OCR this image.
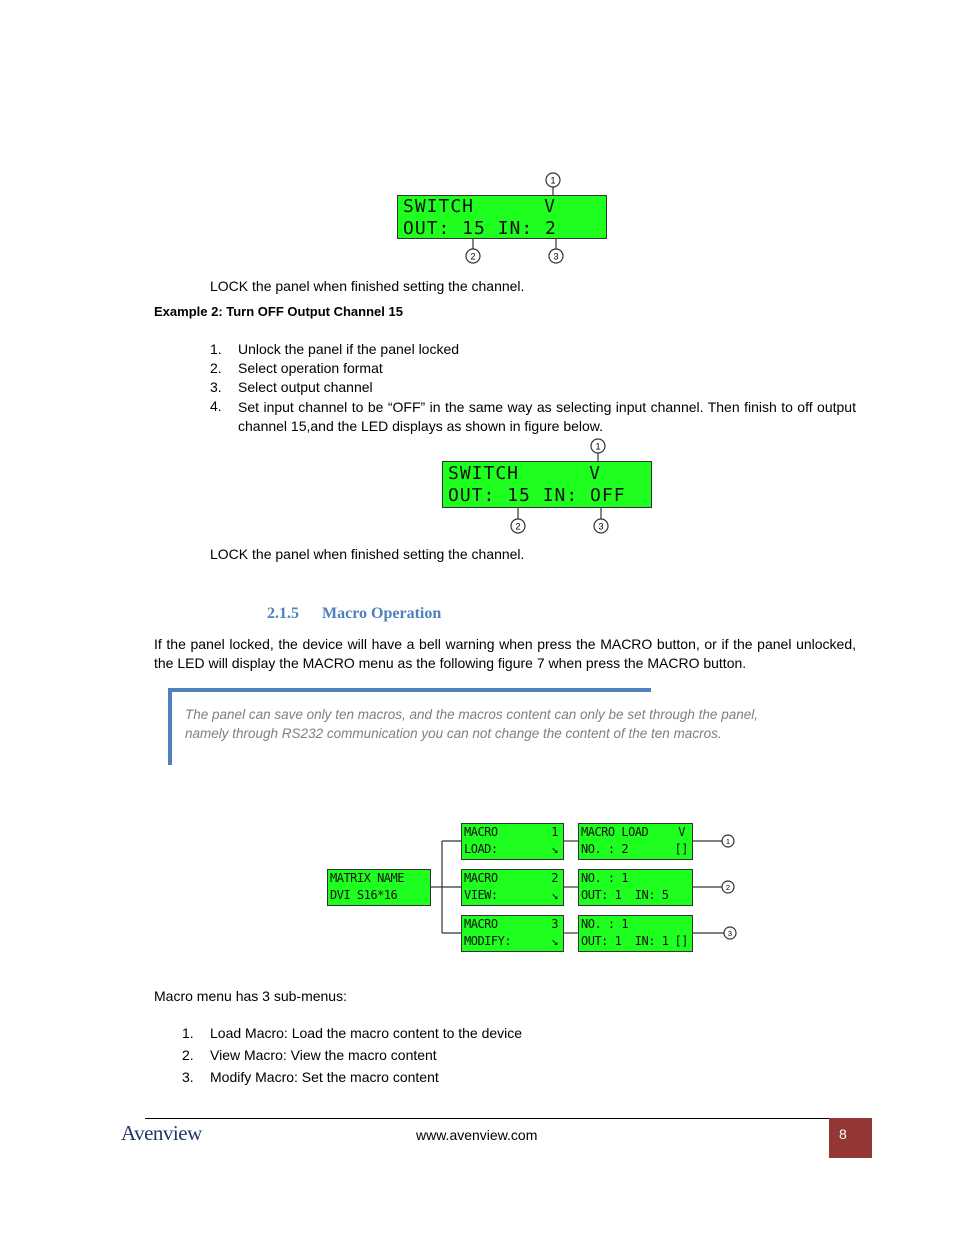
1
2	3
SWITCH	V
OUT: 15 IN: 2
LOCK the panel when finished setting the channel.
Example 2: Turn OFF Output Channel 15
1. Unlock the panel if the panel locked
2. Select operation format
3. Select output channel
4. Set input channel to be “OFF” in the same way as selecting input channel. Then finish to off output channel 15,and the LED displays as shown in figure below.
1
2	3
SWITCH	V
OUT: 15 IN: OFF
LOCK the panel when finished setting the channel.
2.1.5 Macro Operation
If the panel locked, the device will have a bell warning when press the MACRO button, or if the panel unlocked, the LED will display the MACRO menu as the following figure 7 when press the MACRO button.
The panel can save only ten macros, and the macros content can only be set through the panel, namely through RS232 communication you can not change the content of the ten macros.
1
2
3
MATRIX NAME
DVI S16*16
MACRO	1
LOAD:	↘
MACRO	2
VIEW:	↘
MACRO	3
MODIFY:	↘
MACRO LOAD	V
NO. : 2	[]
NO. : 1
OUT: 1  IN: 5
NO. : 1
OUT: 1  IN: 1 []
Macro menu has 3 sub-menus:
1. Load Macro: Load the macro content to the device
2. View Macro: View the macro content
3. Modify Macro: Set the macro content
Avenview	www.avenview.com	8
